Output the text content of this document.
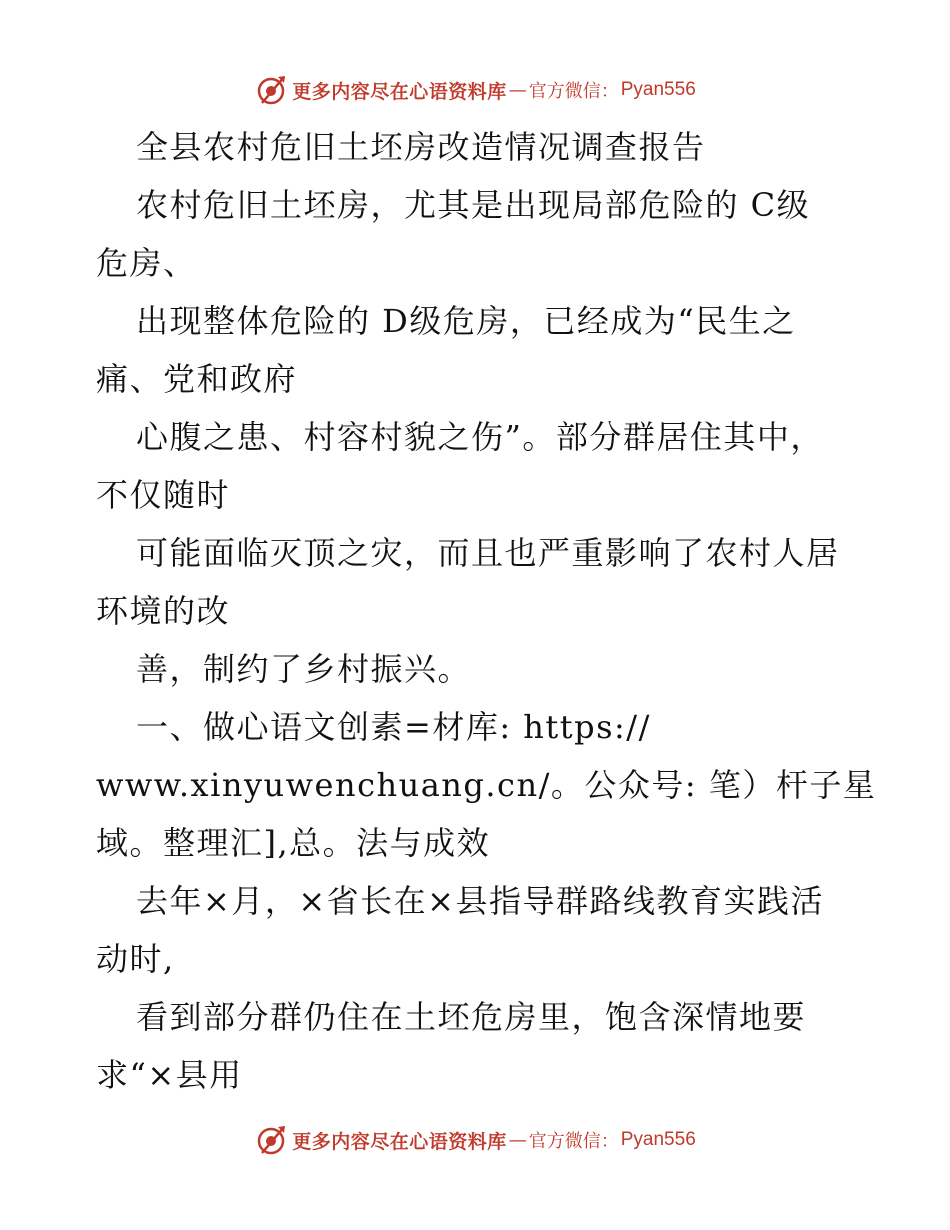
更多内容尽在心语资料库 — 官方微信： Pyan556
全县农村危旧土坯房改造情况调查报告
农村危旧土坯房，尤其是出现局部危险的 C级
危房、
出现整体危险的 D级危房，已经成为“民生之
痛、党和政府
心腹之患、村容村貌之伤”。部分群居住其中，
不仅随时
可能面临灭顶之灾，而且也严重影响了农村人居
环境的改
善，制约了乡村振兴。
一、做心语文创素=材库: https://
www.xinyuwenchuang.cn/。公众号: 笔）杆子星
域。整理汇],总。法与成效
去年×月，×省长在×县指导群路线教育实践活
动时,
看到部分群仍住在土坯危房里，饱含深情地要
求“×县用
更多内容尽在心语资料库 — 官方微信： Pyan556
